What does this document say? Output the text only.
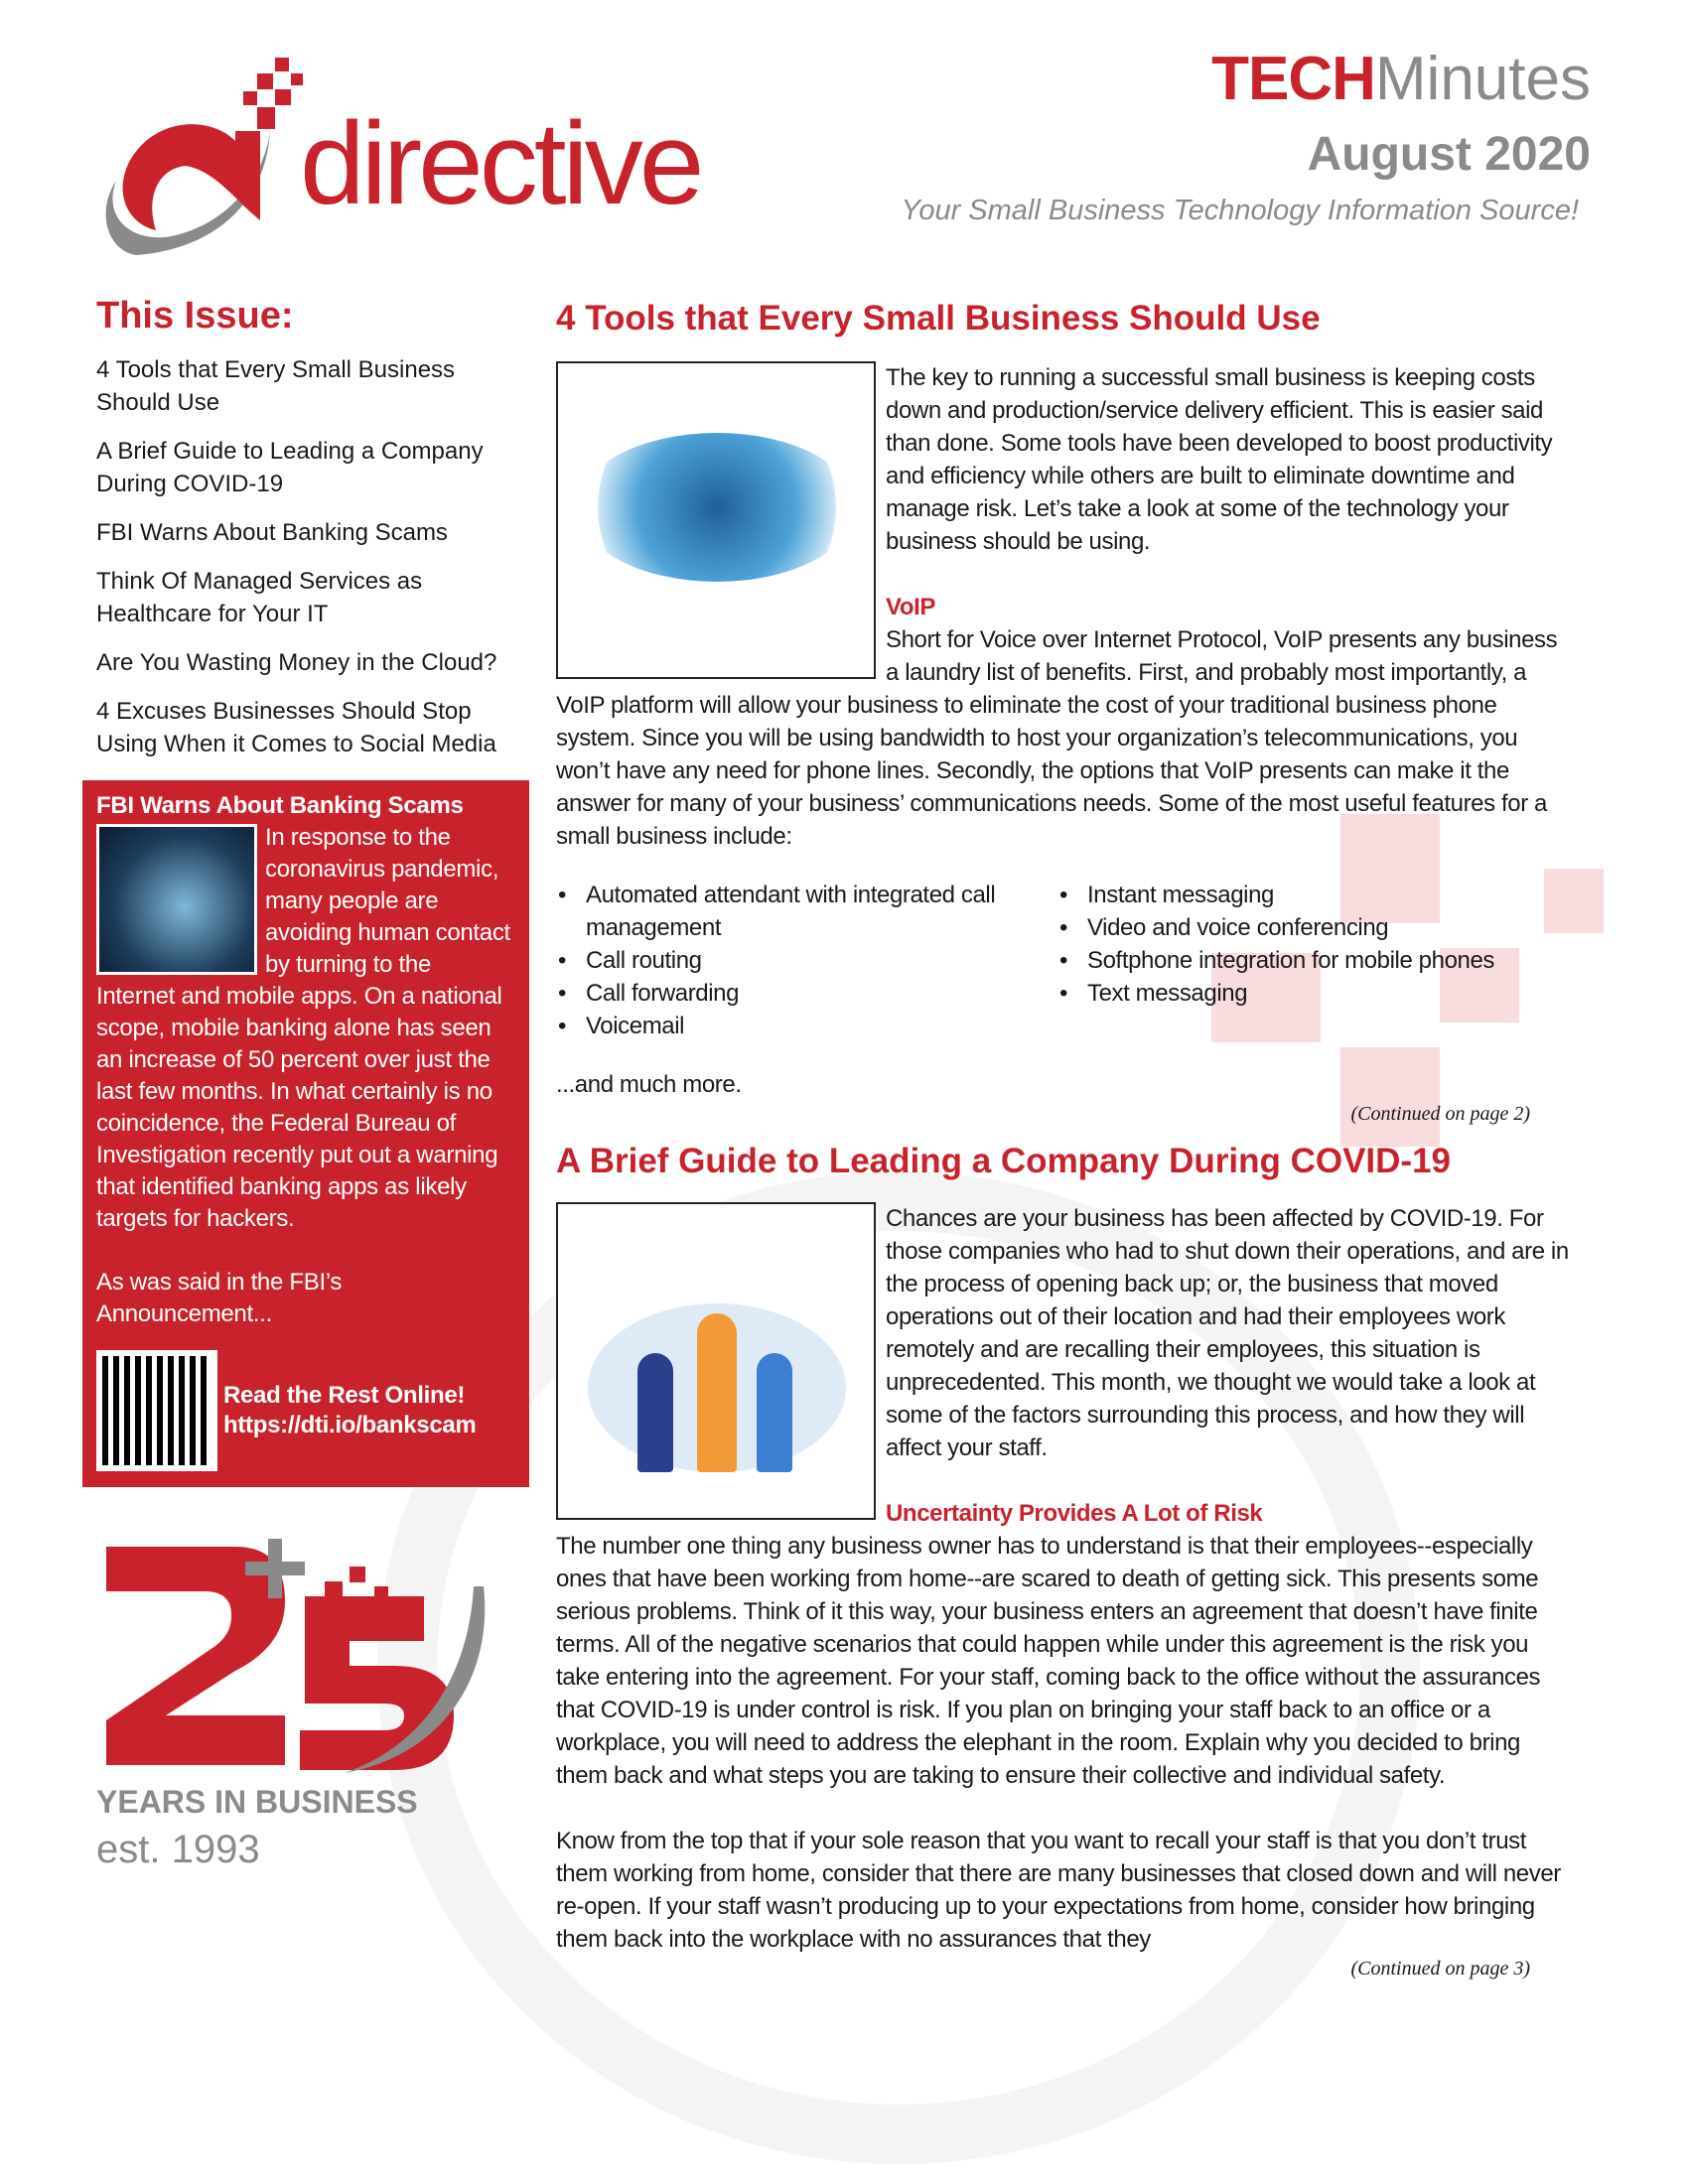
directive
TECHMinutes
August 2020
Your Small Business Technology Information Source!
This Issue:
4 Tools that Every Small Business Should Use
A Brief Guide to Leading a Company During COVID-19
FBI Warns About Banking Scams
Think Of Managed Services as Healthcare for Your IT
Are You Wasting Money in the Cloud?
4 Excuses Businesses Should Stop Using When it Comes to Social Media
FBI Warns About Banking Scams

In response to the coronavirus pandemic, many people are avoiding human contact by turning to the Internet and mobile apps. On a national scope, mobile banking alone has seen an increase of 50 percent over just the last few months. In what certainly is no coincidence, the Federal Bureau of Investigation recently put out a warning that identified banking apps as likely targets for hackers.

As was said in the FBI’s Announcement...

Read the Rest Online!
https://dti.io/bankscam
YEARS IN BUSINESS
est. 1993
4 Tools that Every Small Business Should Use

The key to running a successful small business is keeping costs down and production/service delivery efficient. This is easier said than done. Some tools have been developed to boost productivity and efficiency while others are built to eliminate downtime and manage risk. Let’s take a look at some of the technology your business should be using.

VoIP

Short for Voice over Internet Protocol, VoIP presents any business a laundry list of benefits. First, and probably most importantly, a VoIP platform will allow your business to eliminate the cost of your traditional business phone system. Since you will be using bandwidth to host your organization’s telecommunications, you won’t have any need for phone lines. Secondly, the options that VoIP presents can make it the answer for many of your business’ communications needs. Some of the most useful features for a small business include:

• Automated attendant with integrated call management
• Call routing
• Call forwarding
• Voicemail
• Instant messaging
• Video and voice conferencing
• Softphone integration for mobile phones
• Text messaging

...and much more.

(Continued on page 2)

A Brief Guide to Leading a Company During COVID-19

Chances are your business has been affected by COVID-19. For those companies who had to shut down their operations, and are in the process of opening back up; or, the business that moved operations out of their location and had their employees work remotely and are recalling their employees, this situation is unprecedented. This month, we thought we would take a look at some of the factors surrounding this process, and how they will affect your staff.

Uncertainty Provides A Lot of Risk

The number one thing any business owner has to understand is that their employees--especially ones that have been working from home--are scared to death of getting sick. This presents some serious problems. Think of it this way, your business enters an agreement that doesn’t have finite terms. All of the negative scenarios that could happen while under this agreement is the risk you take entering into the agreement. For your staff, coming back to the office without the assurances that COVID-19 is under control is risk. If you plan on bringing your staff back to an office or a workplace, you will need to address the elephant in the room. Explain why you decided to bring them back and what steps you are taking to ensure their collective and individual safety.

Know from the top that if your sole reason that you want to recall your staff is that you don’t trust them working from home, consider that there are many businesses that closed down and will never re-open. If your staff wasn’t producing up to your expectations from home, consider how bringing them back into the workplace with no assurances that they

(Continued on page 3)
